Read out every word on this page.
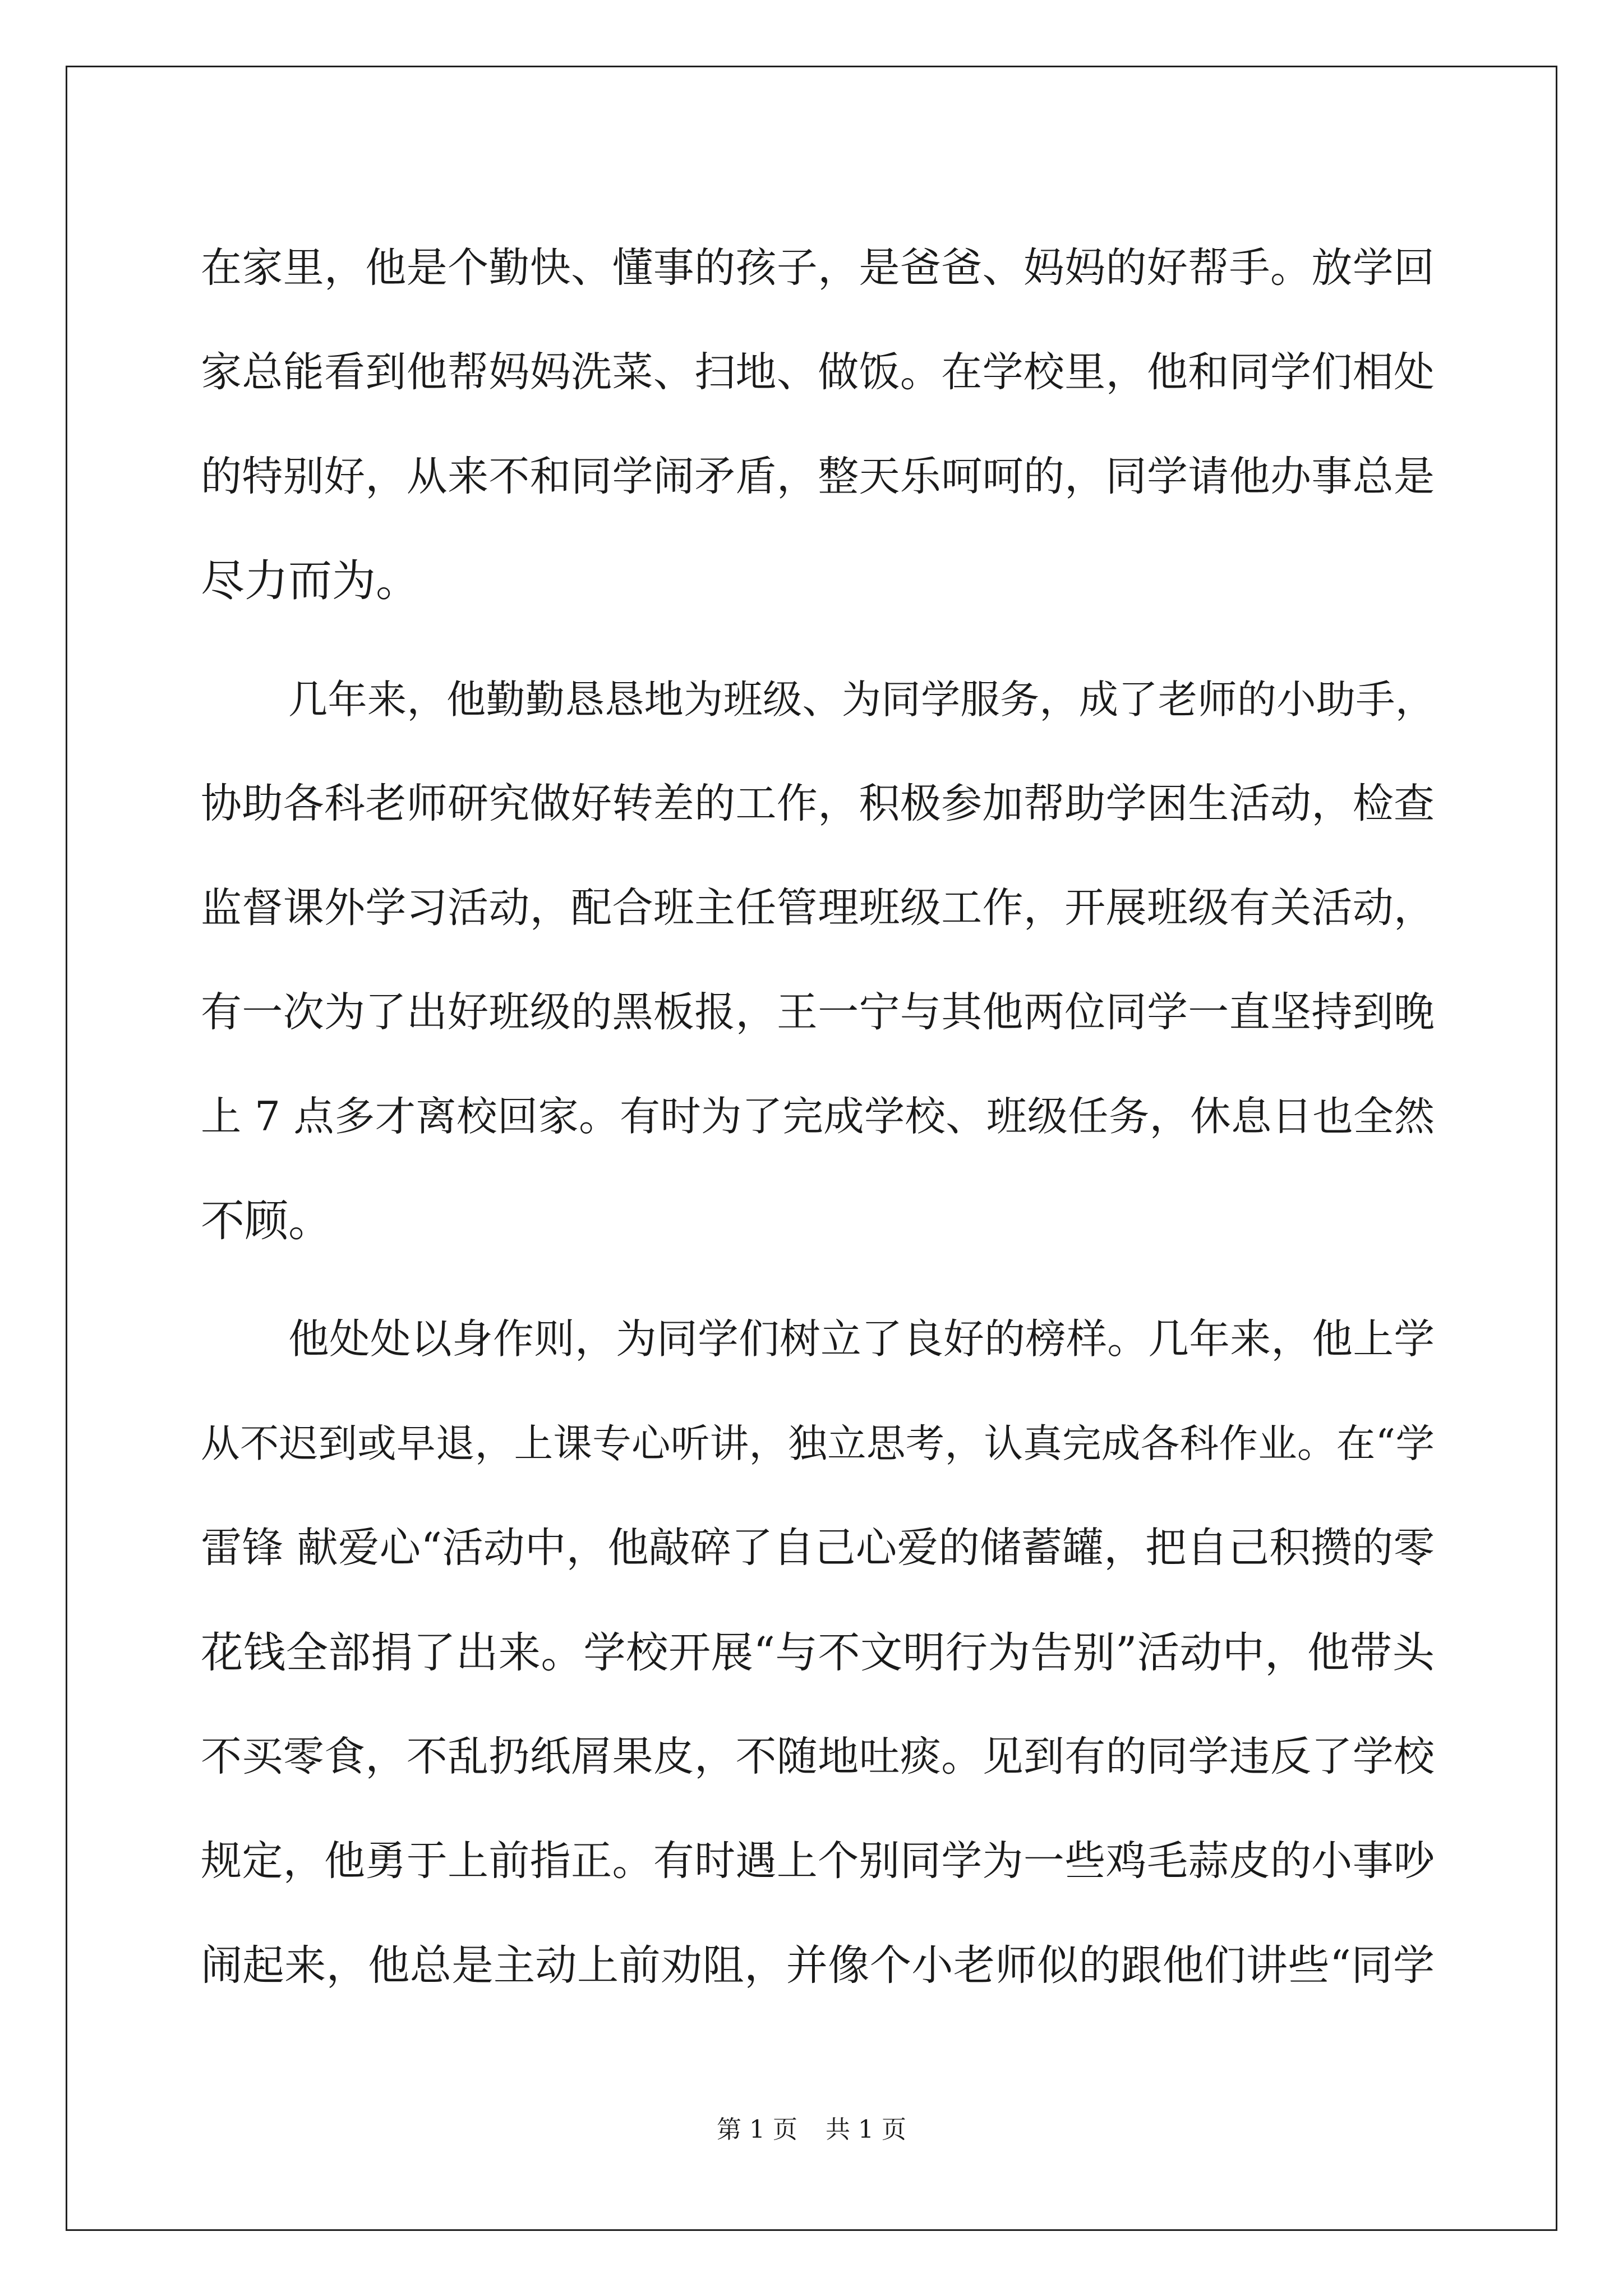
在家里，他是个勤快、懂事的孩子，是爸爸、妈妈的好帮手。放学回
家总能看到他帮妈妈洗菜、扫地、做饭。在学校里，他和同学们相处
的特别好，从来不和同学闹矛盾，整天乐呵呵的，同学请他办事总是
尽力而为。
几年来，他勤勤恳恳地为班级、为同学服务，成了老师的小助手，
协助各科老师研究做好转差的工作，积极参加帮助学困生活动，检查
监督课外学习活动，配合班主任管理班级工作，开展班级有关活动，
有一次为了出好班级的黑板报，王一宁与其他两位同学一直坚持到晚
上 7 点多才离校回家。有时为了完成学校、班级任务，休息日也全然
不顾。
他处处以身作则，为同学们树立了良好的榜样。几年来，他上学
从不迟到或早退，上课专心听讲，独立思考，认真完成各科作业。在“学
雷锋 献爱心“活动中，他敲碎了自己心爱的储蓄罐，把自己积攒的零
花钱全部捐了出来。学校开展“与不文明行为告别”活动中，他带头
不买零食，不乱扔纸屑果皮，不随地吐痰。见到有的同学违反了学校
规定，他勇于上前指正。有时遇上个别同学为一些鸡毛蒜皮的小事吵
闹起来，他总是主动上前劝阻，并像个小老师似的跟他们讲些“同学
第 1 页 共 1 页
